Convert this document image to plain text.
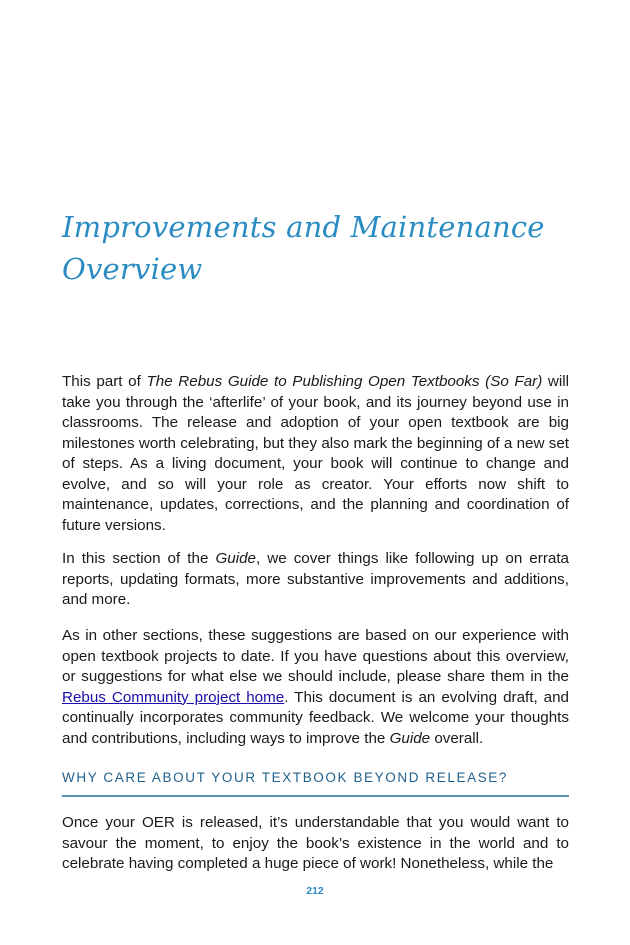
Improvements and Maintenance
Overview

This part of The Rebus Guide to Publishing Open Textbooks (So Far) will take you through the ‘afterlife’ of your book, and its journey beyond use in classrooms. The release and adoption of your open textbook are big milestones worth celebrating, but they also mark the beginning of a new set of steps. As a living document, your book will continue to change and evolve, and so will your role as creator. Your efforts now shift to maintenance, updates, corrections, and the planning and coordination of future versions.

In this section of the Guide, we cover things like following up on errata reports, updating formats, more substantive improvements and additions, and more.

As in other sections, these suggestions are based on our experience with open textbook projects to date. If you have questions about this overview, or suggestions for what else we should include, please share them in the Rebus Community project home. This document is an evolving draft, and continually incorporates community feedback. We welcome your thoughts and contributions, including ways to improve the Guide overall.

WHY CARE ABOUT YOUR TEXTBOOK BEYOND RELEASE?

Once your OER is released, it’s understandable that you would want to savour the moment, to enjoy the book’s existence in the world and to celebrate having completed a huge piece of work! Nonetheless, while the

212
